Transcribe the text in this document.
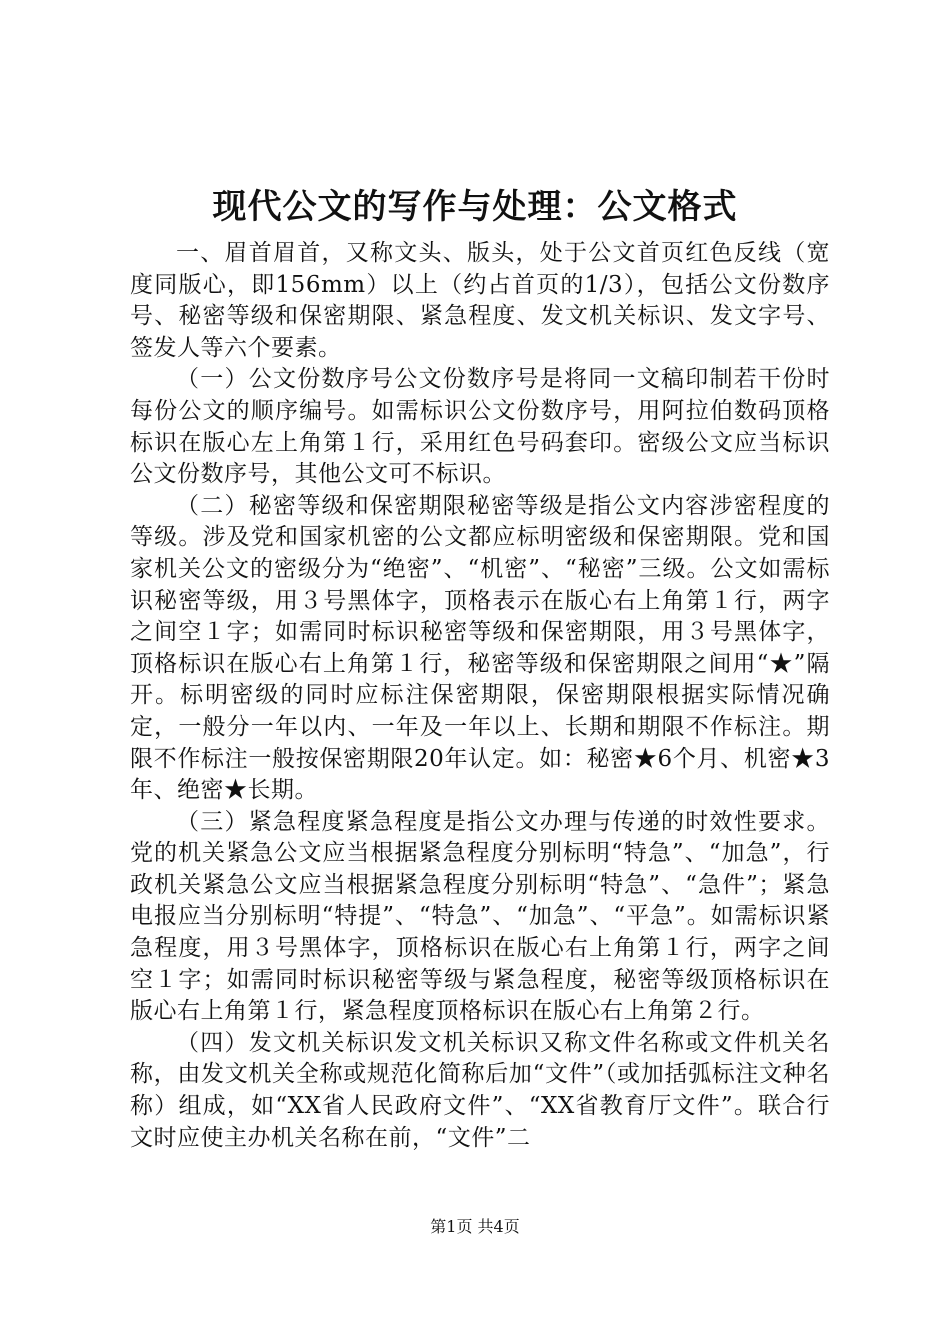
现代公文的写作与处理：公文格式

一、眉首眉首，又称文头、版头，处于公文首页红色反线（宽度同版心，即156mm）以上（约占首页的1/3），包括公文份数序号、秘密等级和保密期限、紧急程度、发文机关标识、发文字号、签发人等六个要素。

（一）公文份数序号公文份数序号是将同一文稿印制若干份时每份公文的顺序编号。如需标识公文份数序号，用阿拉伯数码顶格标识在版心左上角第１行，采用红色号码套印。密级公文应当标识公文份数序号，其他公文可不标识。

（二）秘密等级和保密期限秘密等级是指公文内容涉密程度的等级。涉及党和国家机密的公文都应标明密级和保密期限。党和国家机关公文的密级分为“绝密”、“机密”、“秘密”三级。公文如需标识秘密等级，用３号黑体字，顶格表示在版心右上角第１行，两字之间空１字；如需同时标识秘密等级和保密期限，用３号黑体字，顶格标识在版心右上角第１行，秘密等级和保密期限之间用“★”隔开。标明密级的同时应标注保密期限，保密期限根据实际情况确定，一般分一年以内、一年及一年以上、长期和期限不作标注。期限不作标注一般按保密期限20年认定。如：秘密★6个月、机密★3年、绝密★长期。

（三）紧急程度紧急程度是指公文办理与传递的时效性要求。党的机关紧急公文应当根据紧急程度分别标明“特急”、“加急”，行政机关紧急公文应当根据紧急程度分别标明“特急”、“急件”；紧急电报应当分别标明“特提”、“特急”、“加急”、“平急”。如需标识紧急程度，用３号黑体字，顶格标识在版心右上角第１行，两字之间空１字；如需同时标识秘密等级与紧急程度，秘密等级顶格标识在版心右上角第１行，紧急程度顶格标识在版心右上角第２行。

（四）发文机关标识发文机关标识又称文件名称或文件机关名称，由发文机关全称或规范化简称后加“文件”（或加括弧标注文种名称）组成，如“XX省人民政府文件”、“XX省教育厅文件”。联合行文时应使主办机关名称在前，“文件”二

第1页 共4页
